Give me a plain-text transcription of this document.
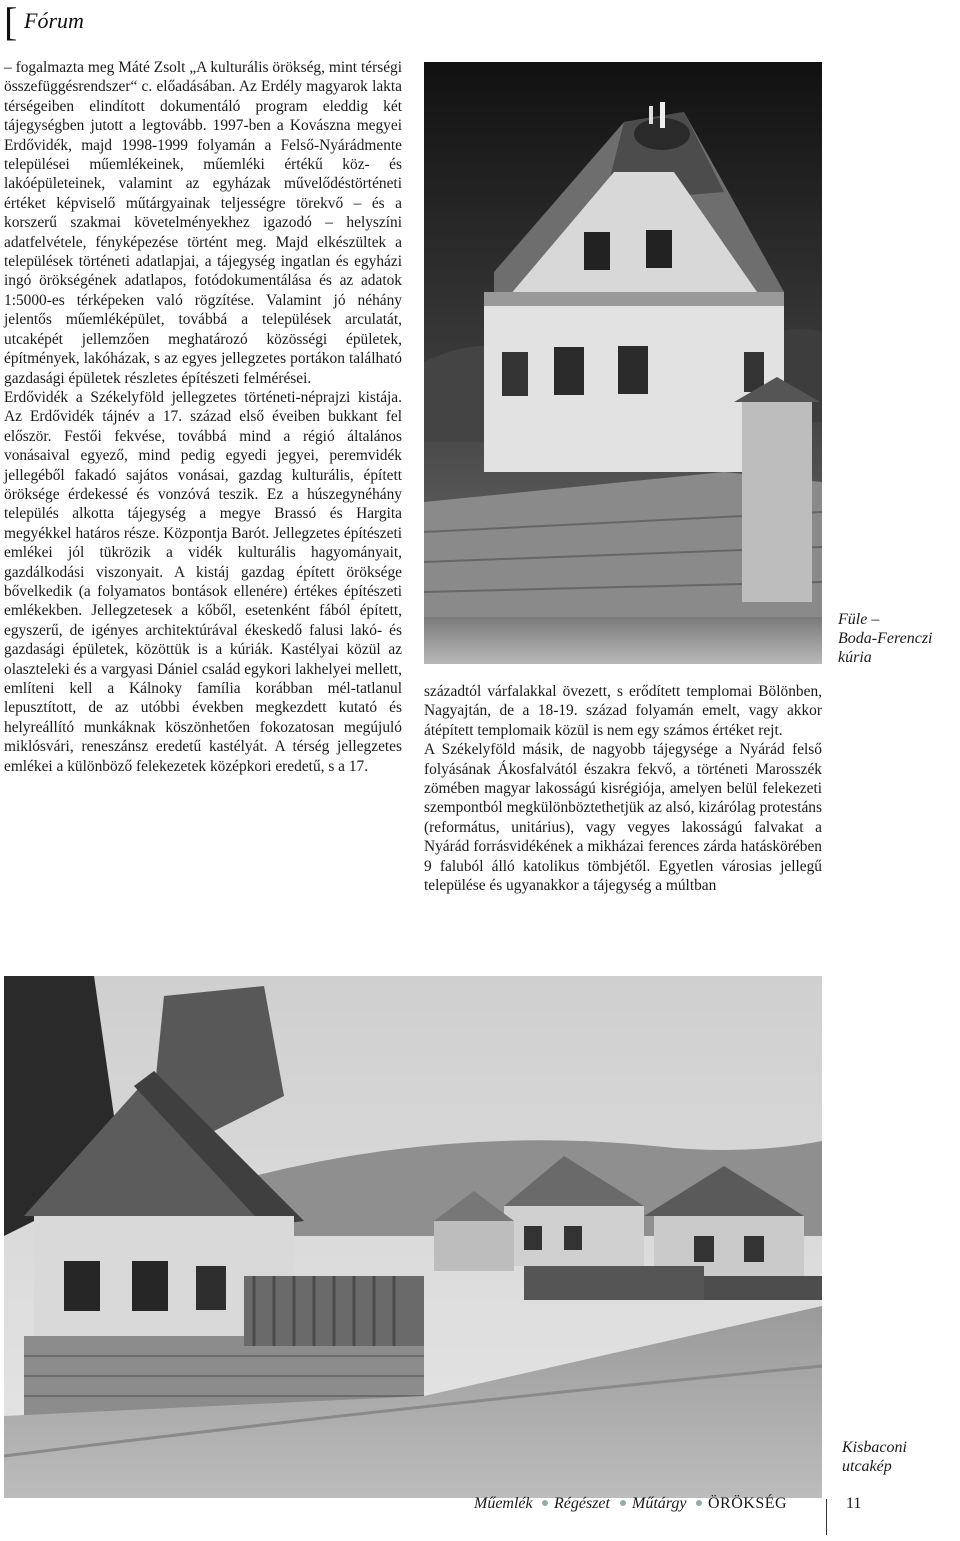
[ Fórum

– fogalmazta meg Máté Zsolt „A kulturális örökség, mint térségi összefüggésrendszer“ c. előadásában. Az Erdély magyarok lakta térségeiben elindított dokumentáló program eleddig két tájegységben jutott a legtovább. 1997-ben a Kovászna megyei Erdővidék, majd 1998-1999 folyamán a Felső-Nyárádmente települései műemlékeinek, műemléki értékű köz- és lakóépületeinek, valamint az egyházak művelődéstörténeti értéket képviselő műtárgyainak teljességre törekvő – és a korszerű szakmai követelményekhez igazodó – helyszíni adatfelvétele, fényképezése történt meg. Majd elkészültek a települések történeti adatlapjai, a tájegység ingatlan és egyházi ingó örökségének adatlapos, fotódokumentálása és az adatok 1:5000-es térképeken való rögzítése. Valamint jó néhány jelentős műemléképület, továbbá a települések arculatát, utcaképét jellemzően meghatározó közösségi épületek, építmények, lakóházak, s az egyes jellegzetes portákon található gazdasági épületek részletes építészeti felmérései.

Erdővidék a Székelyföld jellegzetes történeti-néprajzi kistája. Az Erdővidék tájnév a 17. század első éveiben bukkant fel először. Festői fekvése, továbbá mind a régió általános vonásaival egyező, mind pedig egyedi jegyei, peremvidék jellegéből fakadó sajátos vonásai, gazdag kulturális, épített öröksége érdekessé és vonzóvá teszik. Ez a húszegynéhány település alkotta tájegység a megye Brassó és Hargita megyékkel határos része. Központja Barót. Jellegzetes építészeti emlékei jól tükrözik a vidék kulturális hagyományait, gazdálkodási viszonyait. A kistáj gazdag épített öröksége bővelkedik (a folyamatos bontások ellenére) értékes építészeti emlékekben. Jellegzetesek a kőből, esetenként fából épített, egyszerű, de igényes architektúrával ékeskedő falusi lakó- és gazdasági épületek, közöttük is a kúriák. Kastélyai közül az olaszteleki és a vargyasi Dániel család egykori lakhelyei mellett, említeni kell a Kálnoky família korábban mél-tatlanul lepusztított, de az utóbbi években megkezdett kutató és helyreállító munkáknak köszönhetően fokozatosan megújuló miklósvári, reneszánsz eredetű kastélyát. A térség jellegzetes emlékei a különböző felekezetek középkori eredetű, s a 17.

századtól várfalakkal övezett, s erődített templomai Bölönben, Nagyajtán, de a 18-19. század folyamán emelt, vagy akkor átépített templomaik közül is nem egy számos értéket rejt.

A Székelyföld másik, de nagyobb tájegysége a Nyárád felső folyásának Ákosfalvától északra fekvő, a történeti Marosszék zömében magyar lakosságú kisrégiója, amelyen belül felekezeti szempontból megkülönböztethetjük az alsó, kizárólag protestáns (református, unitárius), vagy vegyes lakosságú falvakat a Nyárád forrásvidékének a mikházai ferences zárda hatáskörében 9 faluból álló katolikus tömbjétől. Egyetlen városias jellegű települése és ugyanakkor a tájegység a múltban

Füle –
Boda-Ferenczi
kúria
Kisbaconi
utcakép
Műemlék Régészet Műtárgy ÖRÖKSÉG	11
